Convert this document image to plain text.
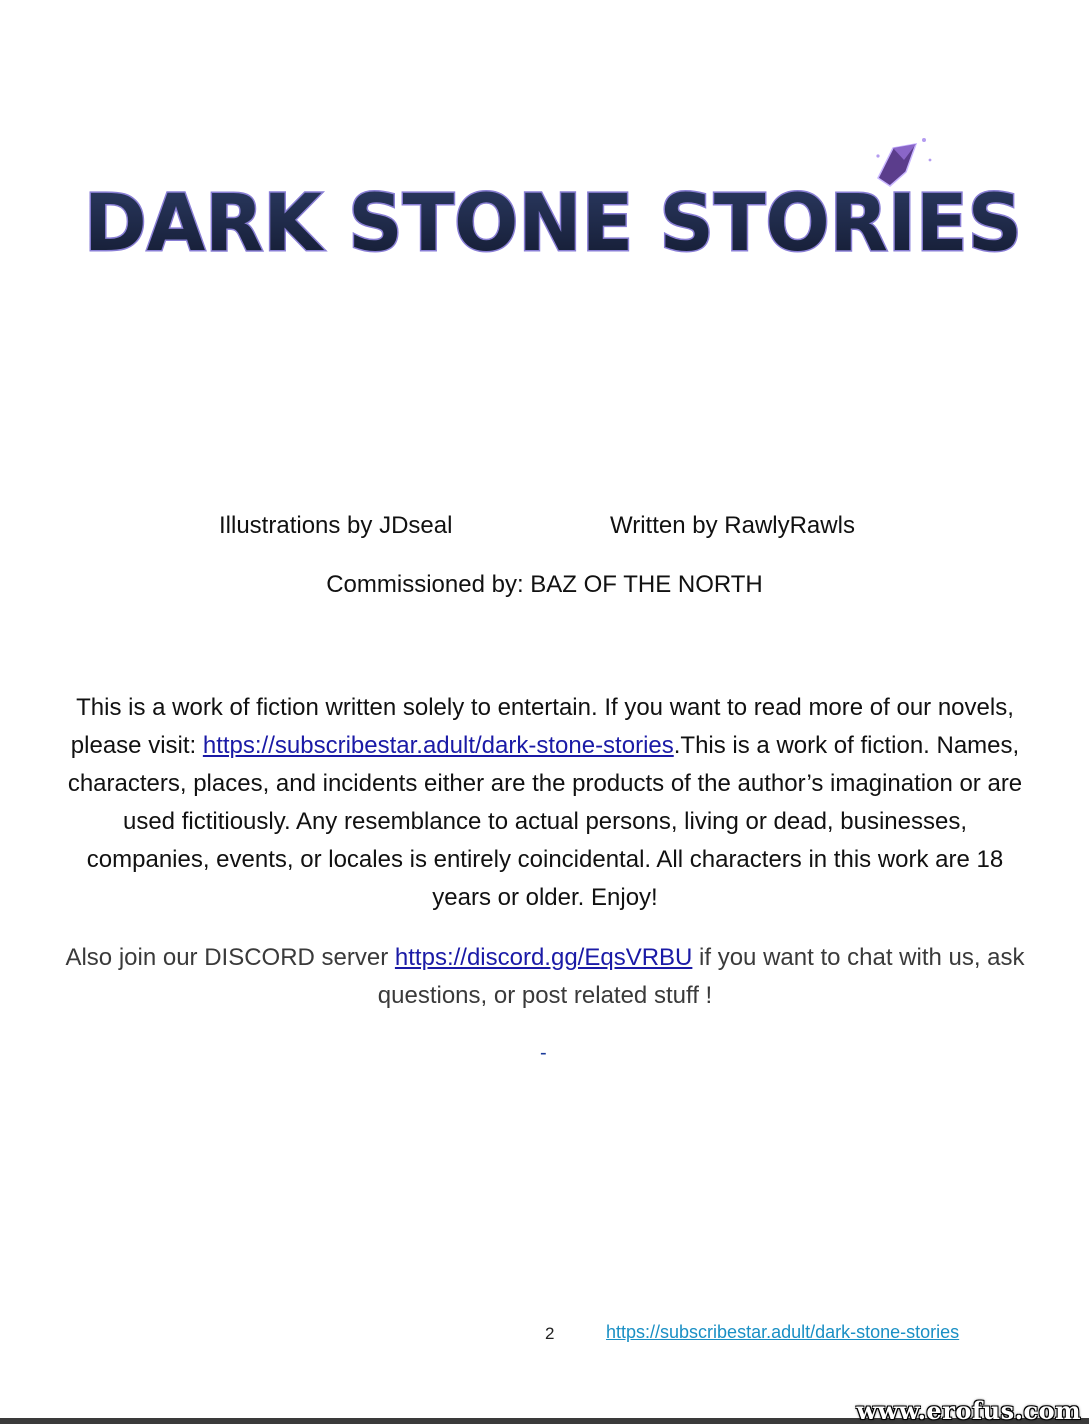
DARK STONE STORIES
Illustrations by JDseal	Written by RawlyRawls
Commissioned by: BAZ OF THE NORTH
This is a work of fiction written solely to entertain. If you want to read more of our novels, please visit: https://subscribestar.adult/dark-stone-stories.This is a work of fiction. Names, characters, places, and incidents either are the products of the author’s imagination or are used fictitiously. Any resemblance to actual persons, living or dead, businesses, companies, events, or locales is entirely coincidental. All characters in this work are 18 years or older. Enjoy!
Also join our DISCORD server https://discord.gg/EqsVRBU if you want to chat with us, ask questions, or post related stuff !
-
2	https://subscribestar.adult/dark-stone-stories
www.erofus.com
